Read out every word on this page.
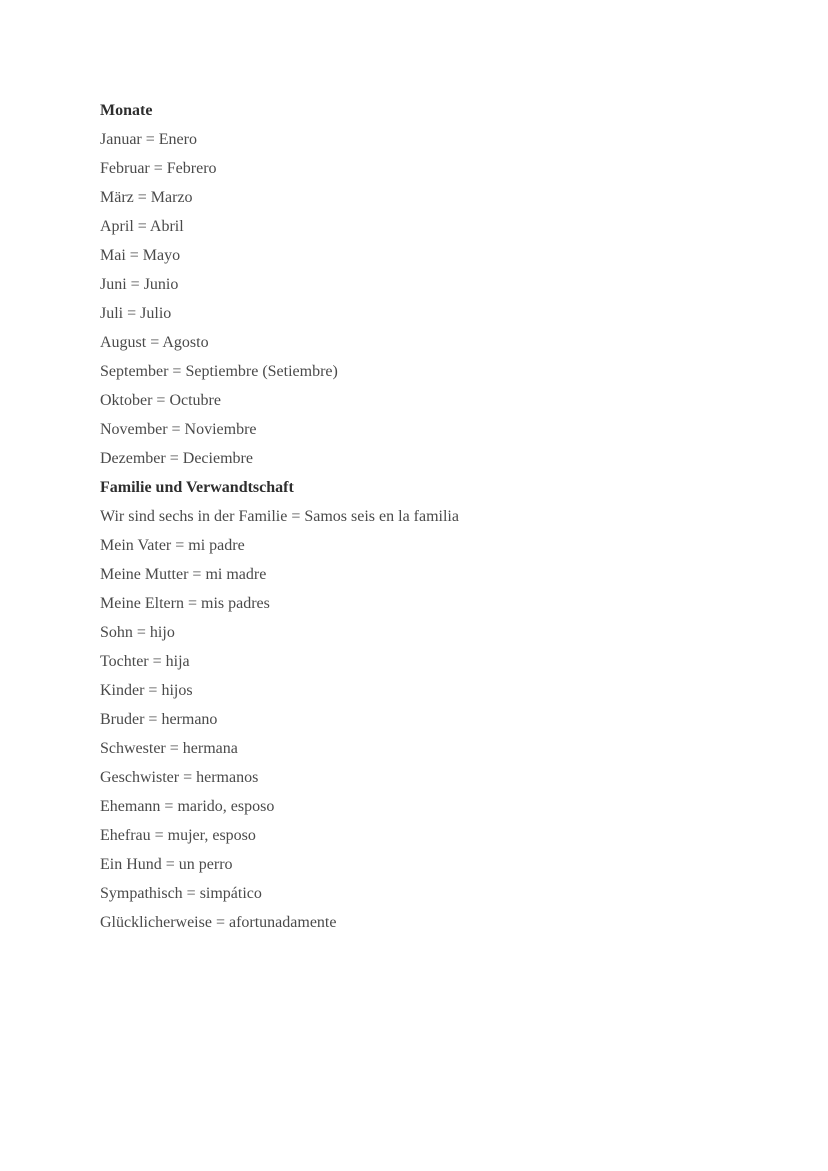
Monate

Januar = Enero

Februar = Febrero

März = Marzo

April = Abril

Mai = Mayo

Juni = Junio

Juli = Julio

August = Agosto

September = Septiembre (Setiembre)

Oktober = Octubre

November = Noviembre

Dezember = Deciembre

Familie und Verwandtschaft

Wir sind sechs in der Familie = Samos seis en la familia

Mein Vater = mi padre

Meine Mutter = mi madre

Meine Eltern = mis padres

Sohn = hijo

Tochter = hija

Kinder = hijos

Bruder = hermano

Schwester = hermana

Geschwister = hermanos

Ehemann = marido, esposo

Ehefrau = mujer, esposo

Ein Hund = un perro

Sympathisch = simpático

Glücklicherweise = afortunadamente
